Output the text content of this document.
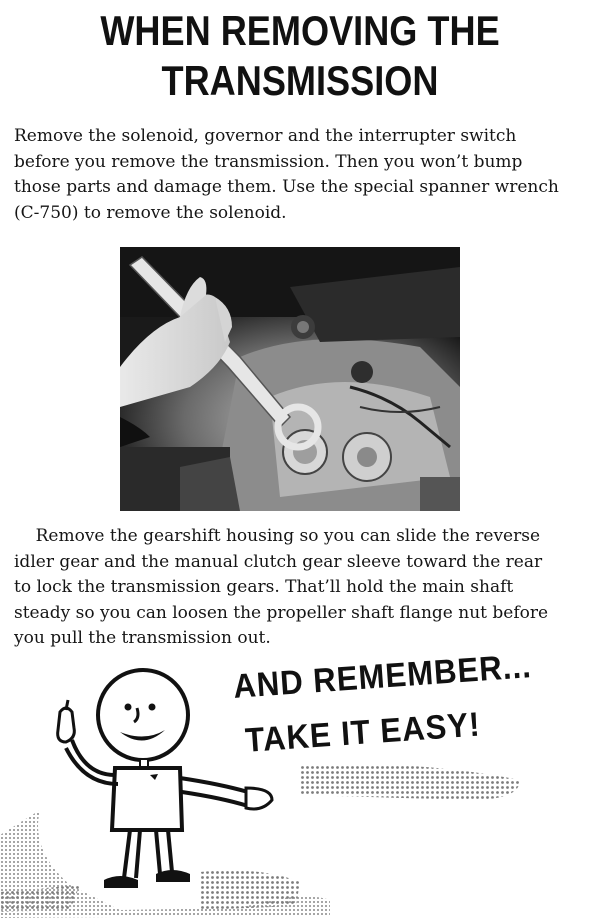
WHEN REMOVING THE
TRANSMISSION

Remove the solenoid, governor and the interrupter switch
before you remove the transmission. Then you won’t bump
those parts and damage them. Use the special spanner wrench
(C-750) to remove the solenoid.

Remove the gearshift housing so you can slide the reverse
idler gear and the manual clutch gear sleeve toward the rear
to lock the transmission gears. That’ll hold the main shaft
steady so you can loosen the propeller shaft flange nut before
you pull the transmission out.

AND REMEMBER...
TAKE IT EASY!
